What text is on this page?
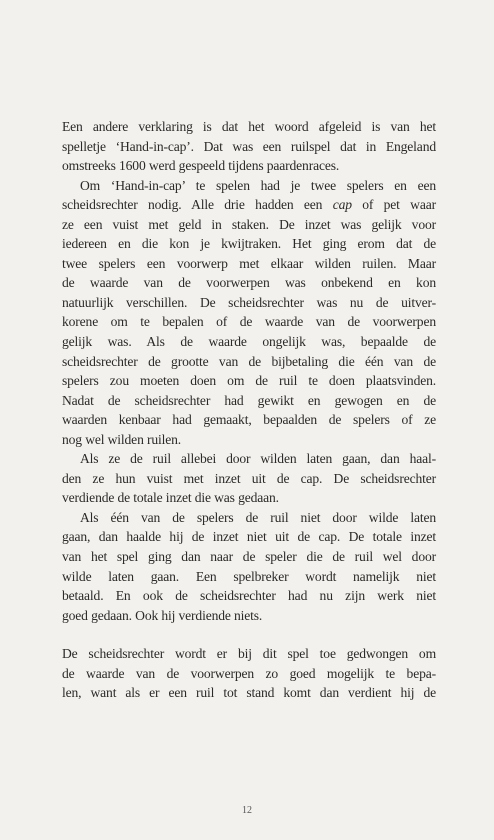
Een andere verklaring is dat het woord afgeleid is van het
spelletje ‘Hand-in-cap’. Dat was een ruilspel dat in Engeland
omstreeks 1600 werd gespeeld tijdens paardenraces.

Om ‘Hand-in-cap’ te spelen had je twee spelers en een
scheidsrechter nodig. Alle drie hadden een cap of pet waar
ze een vuist met geld in staken. De inzet was gelijk voor
iedereen en die kon je kwijtraken. Het ging erom dat de
twee spelers een voorwerp met elkaar wilden ruilen. Maar
de waarde van de voorwerpen was onbekend en kon
natuurlijk verschillen. De scheidsrechter was nu de uitver-
korene om te bepalen of de waarde van de voorwerpen
gelijk was. Als de waarde ongelijk was, bepaalde de
scheidsrechter de grootte van de bijbetaling die één van de
spelers zou moeten doen om de ruil te doen plaatsvinden.
Nadat de scheidsrechter had gewikt en gewogen en de
waarden kenbaar had gemaakt, bepaalden de spelers of ze
nog wel wilden ruilen.

Als ze de ruil allebei door wilden laten gaan, dan haal-
den ze hun vuist met inzet uit de cap. De scheidsrechter
verdiende de totale inzet die was gedaan.

Als één van de spelers de ruil niet door wilde laten
gaan, dan haalde hij de inzet niet uit de cap. De totale inzet
van het spel ging dan naar de speler die de ruil wel door
wilde laten gaan. Een spelbreker wordt namelijk niet
betaald. En ook de scheidsrechter had nu zijn werk niet
goed gedaan. Ook hij verdiende niets.

De scheidsrechter wordt er bij dit spel toe gedwongen om
de waarde van de voorwerpen zo goed mogelijk te bepa-
len, want als er een ruil tot stand komt dan verdient hij de

12
